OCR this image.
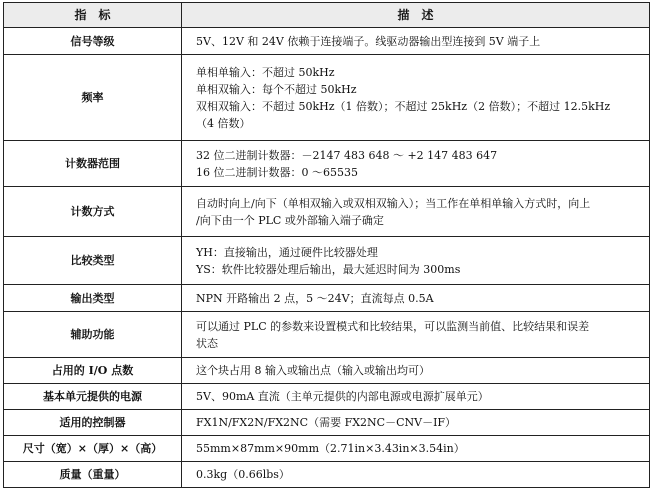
指　标	描　述
信号等级	5V、12V 和 24V 依赖于连接端子。线驱动器输出型连接到 5V 端子上

频率	单相单输入：不超过 50kHz
单相双输入：每个不超过 50kHz
双相双输入：不超过 50kHz（1 倍数）；不超过 25kHz（2 倍数）；不超过 12.5kHz
（4 倍数）

计数器范围	32 位二进制计数器：－2147 483 648 ～ +2 147 483 647
16 位二进制计数器：0 ～65535

计数方式	自动时向上/向下（单相双输入或双相双输入）；当工作在单相单输入方式时，向上
/向下由一个 PLC 或外部输入端子确定

比较类型	YH：直接输出，通过硬件比较器处理
YS：软件比较器处理后输出，最大延迟时间为 300ms

输出类型	NPN 开路输出 2 点，5 ～24V；直流每点 0.5A

辅助功能	可以通过 PLC 的参数来设置模式和比较结果，可以监测当前值、比较结果和误差
状态

占用的 I/O 点数	这个块占用 8 输入或输出点（输入或输出均可）

基本单元提供的电源	5V、90mA 直流（主单元提供的内部电源或电源扩展单元）

适用的控制器	FX1N/FX2N/FX2NC（需要 FX2NC－CNV－IF）

尺寸（宽）×（厚）×（高）	55mm×87mm×90mm（2.71in×3.43in×3.54in）

质量（重量）	0.3kg（0.66lbs）
